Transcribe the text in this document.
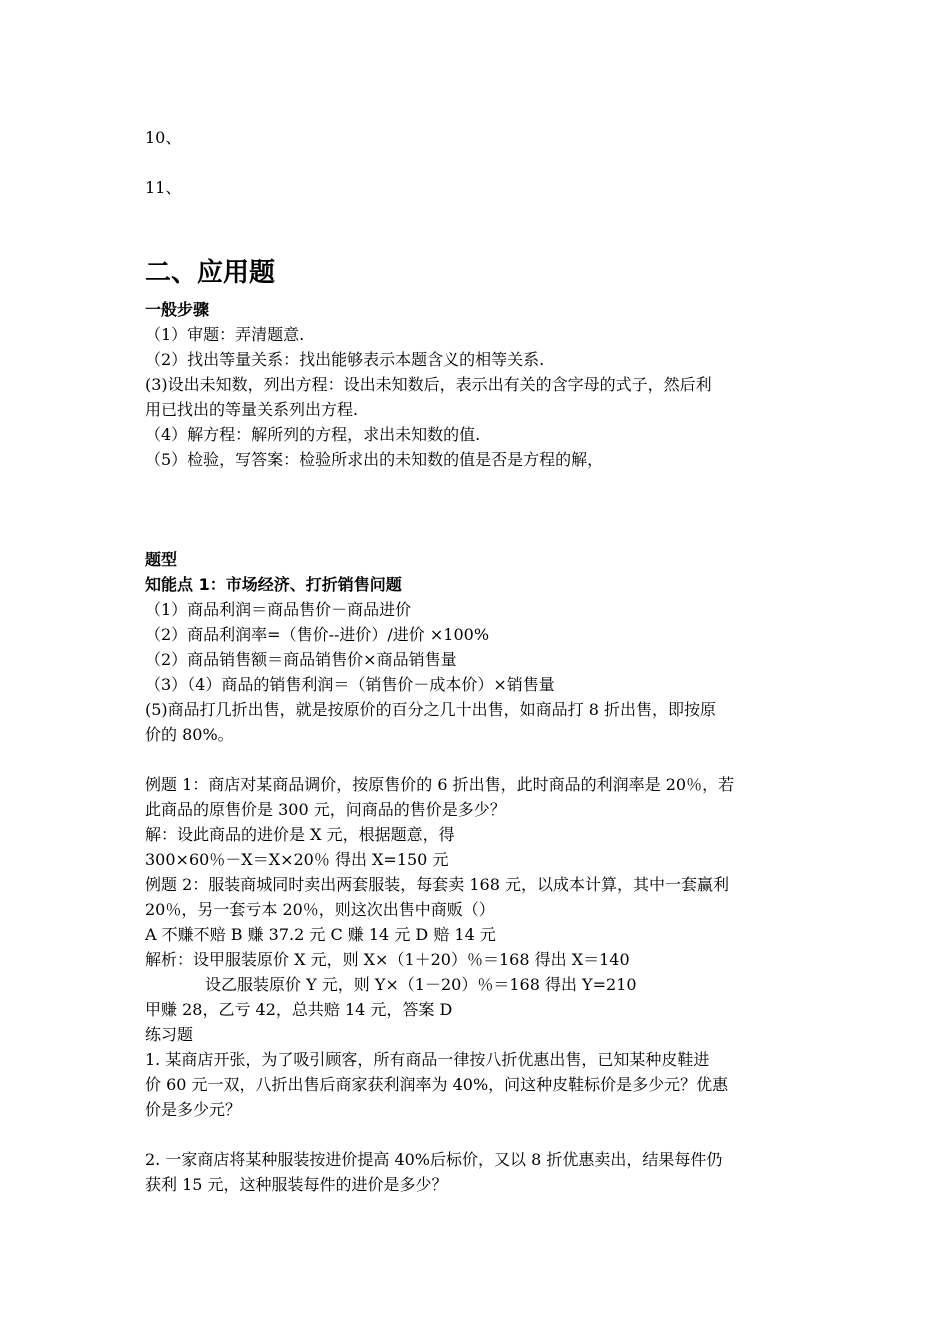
10、
11、
二、应用题
一般步骤
（1）审题：弄清题意.
（2）找出等量关系：找出能够表示本题含义的相等关系.
(3)设出未知数，列出方程：设出未知数后，表示出有关的含字母的式子，然后利
用已找出的等量关系列出方程.
（4）解方程：解所列的方程，求出未知数的值.
（5）检验，写答案：检验所求出的未知数的值是否是方程的解，
题型
知能点 1：市场经济、打折销售问题
（1）商品利润＝商品售价－商品进价
（2）商品利润率=（售价--进价）/进价 ×100%
（2）商品销售额＝商品销售价×商品销售量
（3）（4）商品的销售利润＝（销售价－成本价）×销售量
(5)商品打几折出售，就是按原价的百分之几十出售，如商品打 8 折出售，即按原
价的 80%。
例题 1：商店对某商品调价，按原售价的 6 折出售，此时商品的利润率是 20％，若
此商品的原售价是 300 元，问商品的售价是多少？
解：设此商品的进价是 X 元，根据题意，得
300×60％－X＝X×20％ 得出 X=150 元
例题 2：服装商城同时卖出两套服装，每套卖 168 元，以成本计算，其中一套赢利
20％，另一套亏本 20％，则这次出售中商贩（）
A 不赚不赔 B 赚 37.2 元 C 赚 14 元 D 赔 14 元
解析：设甲服装原价 X 元，则 X×（1＋20）％＝168 得出 X＝140
设乙服装原价 Y 元，则 Y×（1－20）％＝168 得出 Y=210
甲赚 28，乙亏 42，总共赔 14 元，答案 D
练习题
1. 某商店开张，为了吸引顾客，所有商品一律按八折优惠出售，已知某种皮鞋进
价 60 元一双，八折出售后商家获利润率为 40%，问这种皮鞋标价是多少元？优惠
价是多少元？
2. 一家商店将某种服装按进价提高 40%后标价，又以 8 折优惠卖出，结果每件仍
获利 15 元，这种服装每件的进价是多少？
